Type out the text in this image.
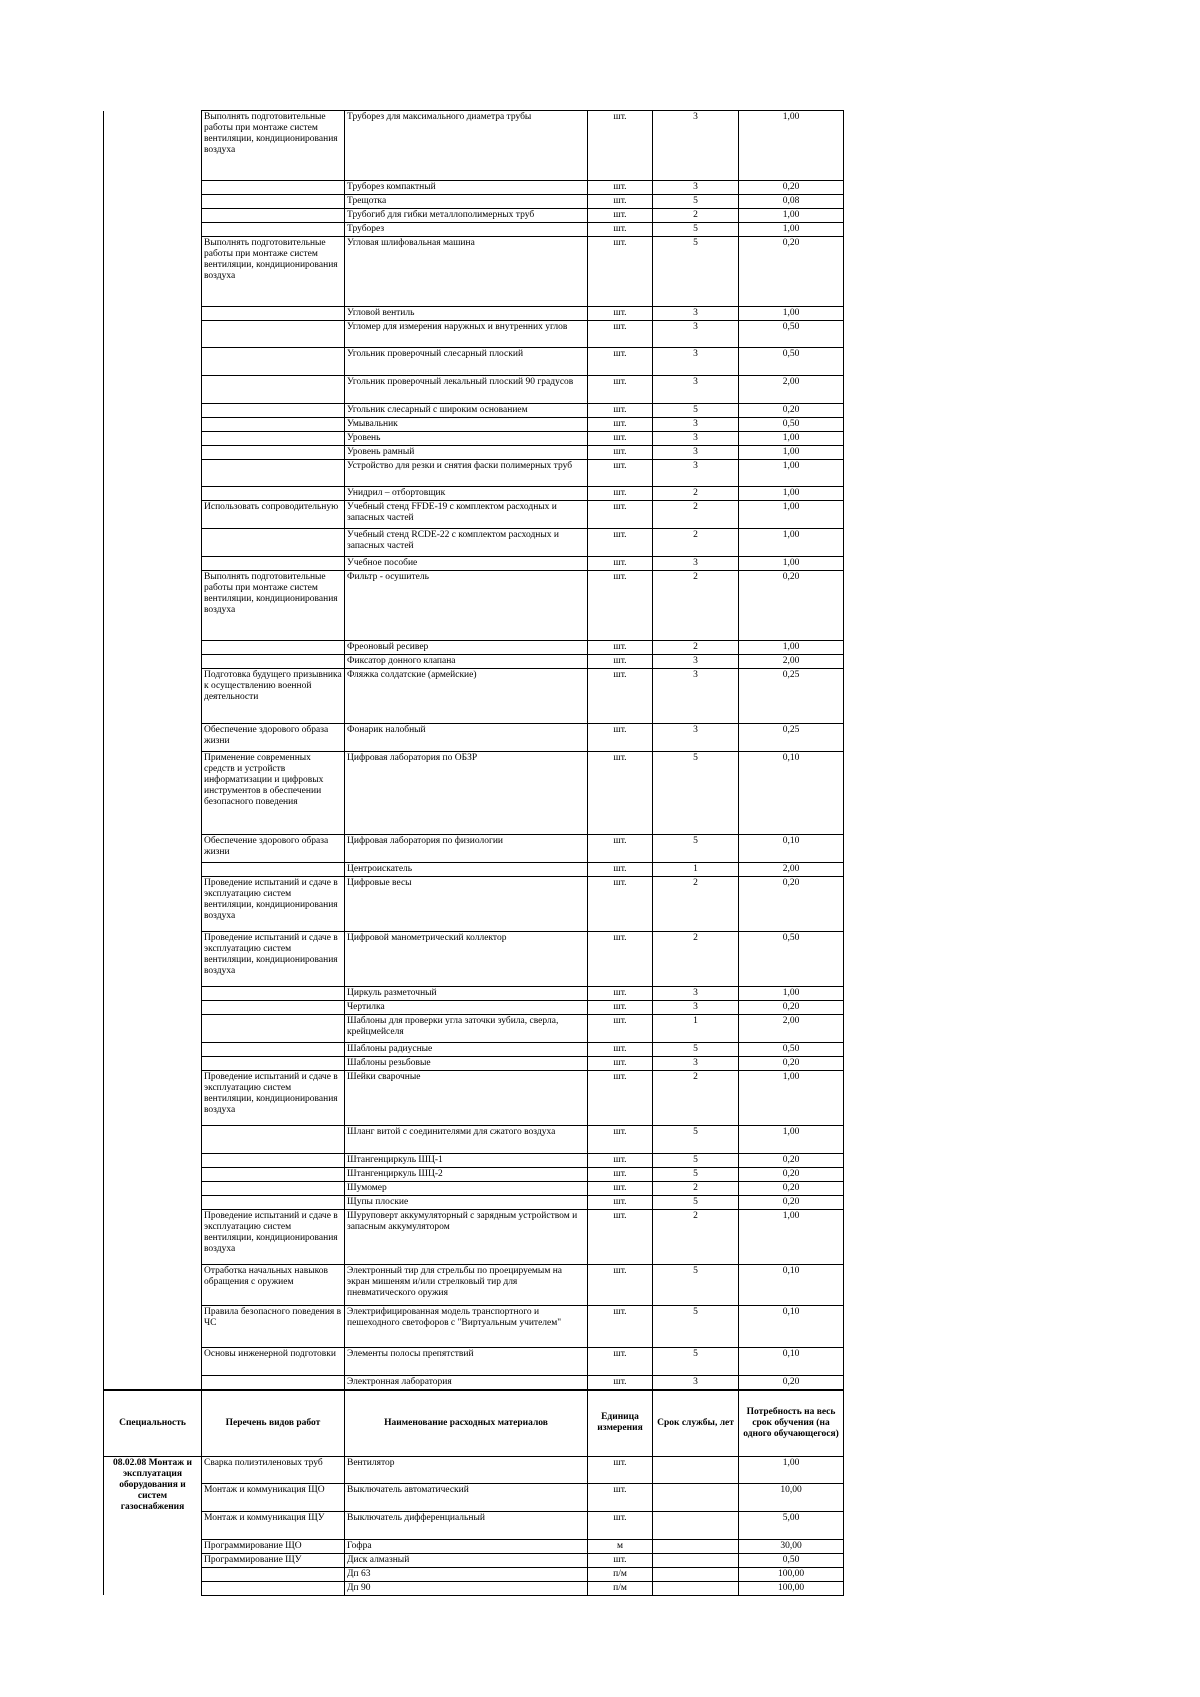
	Выполнять подготовительные работы при монтаже систем вентиляции, кондиционирования воздуха	Труборез для максимального диаметра трубы	шт.	3	1,00
		Труборез компактный	шт.	3	0,20
		Трещотка	шт.	5	0,08
		Трубогиб для гибки металлополимерных труб	шт.	2	1,00
		Труборез	шт.	5	1,00
	Выполнять подготовительные работы при монтаже систем вентиляции, кондиционирования воздуха	Угловая шлифовальная машина	шт.	5	0,20
		Угловой вентиль	шт.	3	1,00
		Угломер для измерения наружных и внутренних углов	шт.	3	0,50
		Угольник проверочный слесарный плоский	шт.	3	0,50
		Угольник проверочный лекальный плоский 90 градусов	шт.	3	2,00
		Угольник слесарный с широким основанием	шт.	5	0,20
		Умывальник	шт.	3	0,50
		Уровень	шт.	3	1,00
		Уровень рамный	шт.	3	1,00
		Устройство для резки и снятия фаски полимерных труб	шт.	3	1,00
		Унидрил – отбортовщик	шт.	2	1,00
	Использовать сопроводительную	Учебный стенд FFDE-19 с комплектом расходных и запасных частей	шт.	2	1,00
		Учебный стенд RCDE-22 с комплектом расходных и запасных частей	шт.	2	1,00
		Учебное пособие	шт.	3	1,00
	Выполнять подготовительные работы при монтаже систем вентиляции, кондиционирования воздуха	Фильтр - осушитель	шт.	2	0,20
		Фреоновый ресивер	шт.	2	1,00
		Фиксатор донного клапана	шт.	3	2,00
	Подготовка будущего призывника к осуществлению военной деятельности	Фляжка солдатские (армейские)	шт.	3	0,25
	Обеспечение здорового образа жизни	Фонарик налобный	шт.	3	0,25
	Применение современных средств и устройств информатизации и цифровых инструментов в обеспечении безопасного поведения	Цифровая лаборатория по ОБЗР	шт.	5	0,10
	Обеспечение здорового образа жизни	Цифровая лаборатория по физиологии	шт.	5	0,10
		Центроискатель	шт.	1	2,00
	Проведение испытаний и сдаче в эксплуатацию систем вентиляции, кондиционирования воздуха	Цифровые весы	шт.	2	0,20
	Проведение испытаний и сдаче в эксплуатацию систем вентиляции, кондиционирования воздуха	Цифровой манометрический коллектор	шт.	2	0,50
		Циркуль разметочный	шт.	3	1,00
		Чертилка	шт.	3	0,20
		Шаблоны для проверки угла заточки зубила, сверла, крейцмейселя	шт.	1	2,00
		Шаблоны радиусные	шт.	5	0,50
		Шаблоны резьбовые	шт.	3	0,20
	Проведение испытаний и сдаче в эксплуатацию систем вентиляции, кондиционирования воздуха	Шейки сварочные	шт.	2	1,00
		Шланг витой с соединителями для сжатого воздуха	шт.	5	1,00
		Штангенциркуль ШЦ-1	шт.	5	0,20
		Штангенциркуль ШЦ-2	шт.	5	0,20
		Шумомер	шт.	2	0,20
		Щупы плоские	шт.	5	0,20
	Проведение испытаний и сдаче в эксплуатацию систем вентиляции, кондиционирования воздуха	Шуруповерт аккумуляторный с зарядным устройством и запасным аккумулятором	шт.	2	1,00
	Отработка начальных навыков обращения с оружием	Электронный тир для стрельбы по проецируемым на экран мишеням и/или стрелковый тир для пневматического оружия	шт.	5	0,10
	Правила безопасного поведения в ЧС	Электрифицированная модель транспортного и пешеходного светофоров с "Виртуальным учителем"	шт.	5	0,10
	Основы инженерной подготовки	Элементы полосы препятствий	шт.	5	0,10
		Электронная лаборатория	шт.	3	0,20
Специальность	Перечень видов работ	Наименование расходных материалов	Единица измерения	Срок службы, лет	Потребность на весь срок обучения (на одного обучающегося)
08.02.08 Монтаж и эксплуатация оборудования и систем газоснабжения	Сварка полиэтиленовых труб	Вентилятор	шт.		1,00
	Монтаж и коммуникация ЩО	Выключатель автоматический	шт.		10,00
	Монтаж и коммуникация ЩУ	Выключатель дифференциальный	шт.		5,00
	Программирование ЩО	Гофра	м		30,00
	Программирование ЩУ	Диск алмазный	шт.		0,50
		Дп 63	п/м		100,00
		Дп 90	п/м		100,00
